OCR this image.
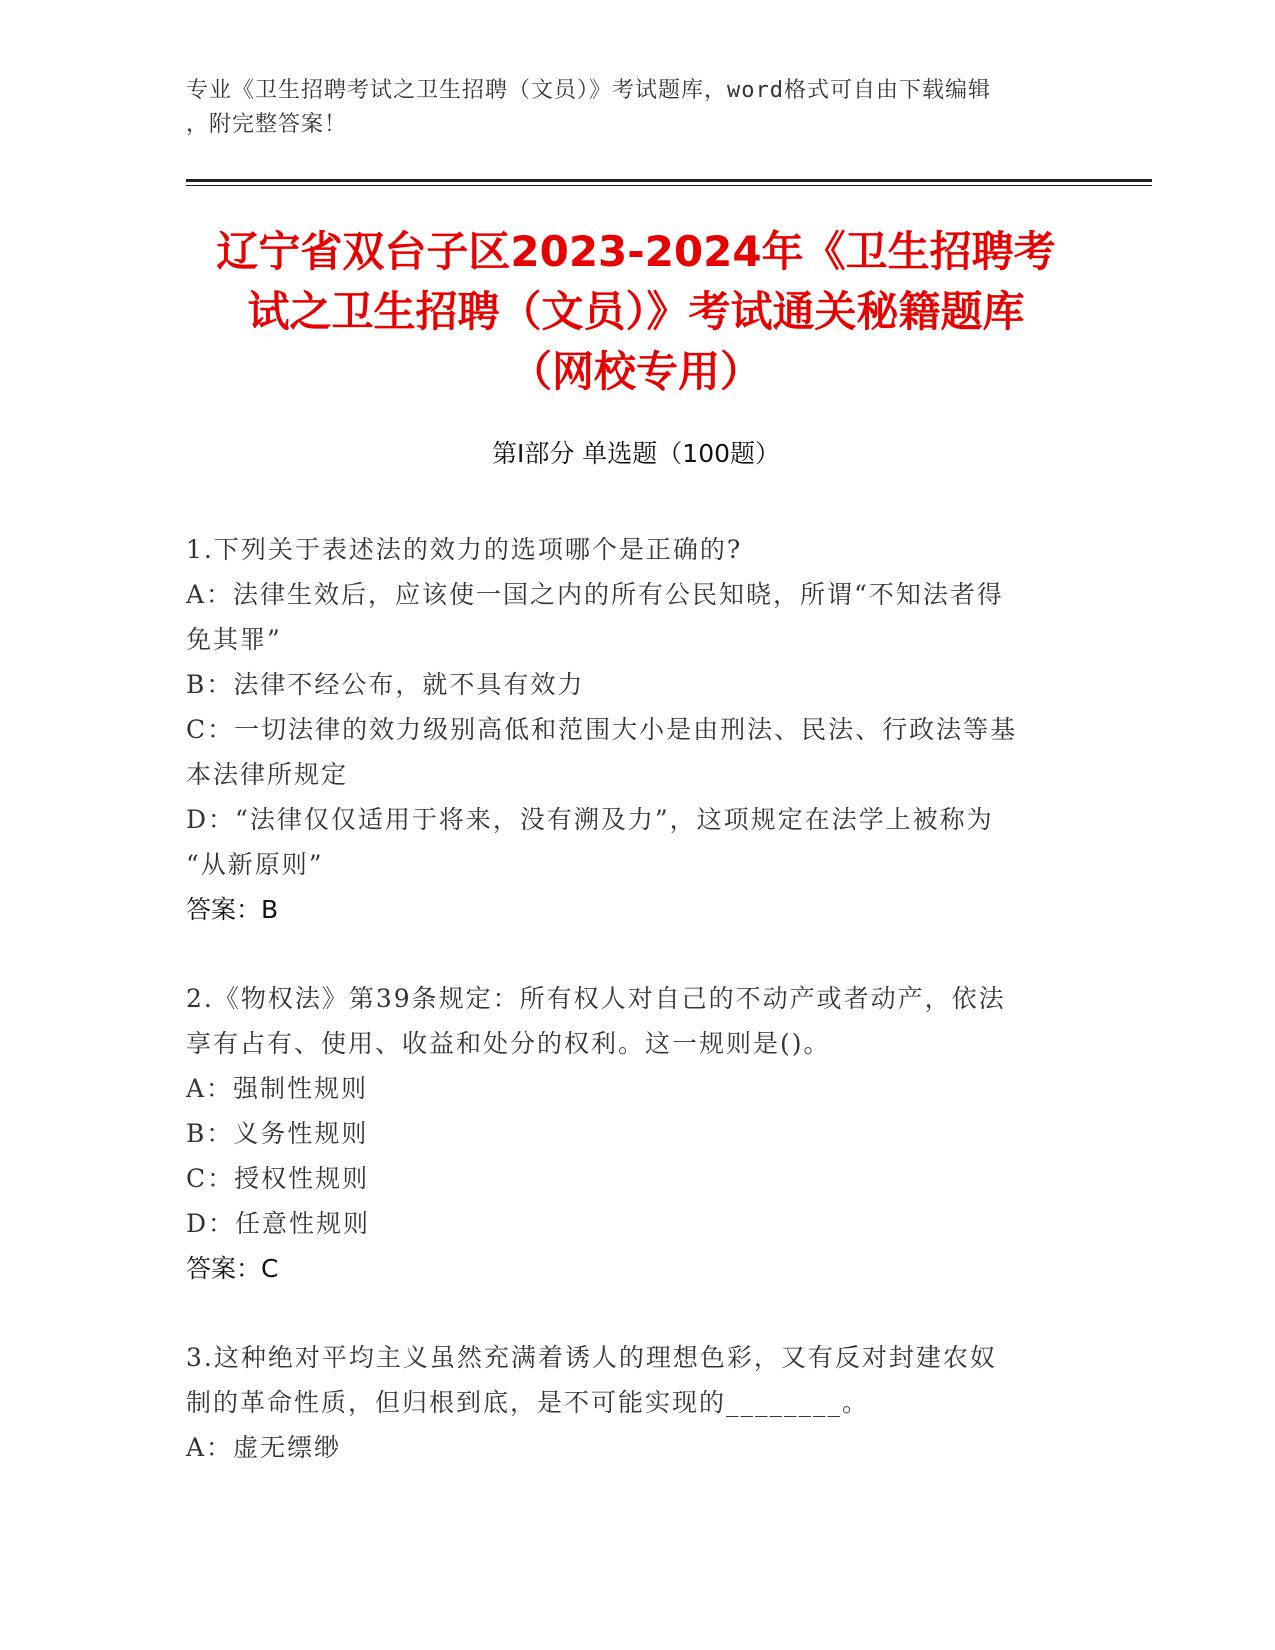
专业《卫生招聘考试之卫生招聘（文员）》考试题库，word格式可自由下载编辑
，附完整答案！
辽宁省双台子区2023-2024年《卫生招聘考
试之卫生招聘（文员）》考试通关秘籍题库
（网校专用）
第Ⅰ部分 单选题（100题）
1.下列关于表述法的效力的选项哪个是正确的?
A：法律生效后，应该使一国之内的所有公民知晓，所谓“不知法者得
免其罪”
B：法律不经公布，就不具有效力
C：一切法律的效力级别高低和范围大小是由刑法、民法、行政法等基
本法律所规定
D：“法律仅仅适用于将来，没有溯及力”，这项规定在法学上被称为
“从新原则”
答案：B
2.《物权法》第39条规定：所有权人对自己的不动产或者动产，依法
享有占有、使用、收益和处分的权利。这一规则是()。
A：强制性规则
B：义务性规则
C：授权性规则
D：任意性规则
答案：C
3.这种绝对平均主义虽然充满着诱人的理想色彩，又有反对封建农奴
制的革命性质，但归根到底，是不可能实现的________。
A：虚无缥缈
